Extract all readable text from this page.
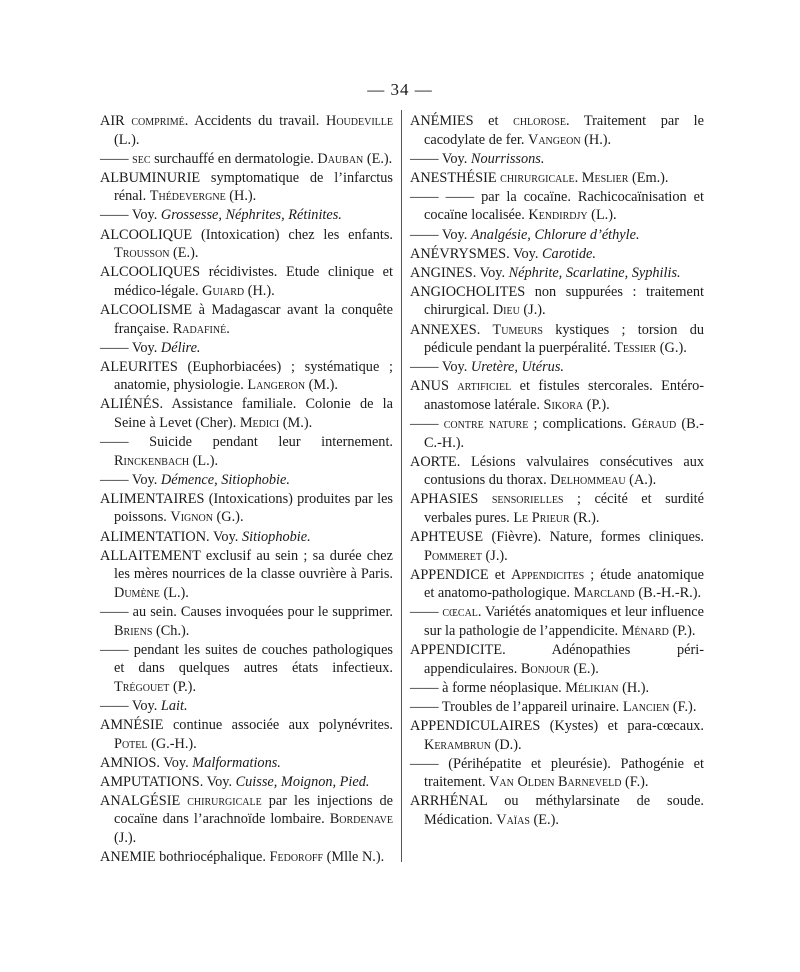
— 34 —

AIR comprimé. Accidents du travail. Houdeville (L.).

—— sec surchauffé en dermatologie. Dauban (E.).

ALBUMINURIE symptomatique de l’infarctus rénal. Thédevergne (H.).

—— Voy. Grossesse, Néphrites, Rétinites.

ALCOOLIQUE (Intoxication) chez les enfants. Trousson (E.).

ALCOOLIQUES récidivistes. Etude clinique et médico-légale. Guiard (H.).

ALCOOLISME à Madagascar avant la conquête française. Radafiné.

—— Voy. Délire.

ALEURITES (Euphorbiacées) ; systématique ; anatomie, physiologie. Langeron (M.).

ALIÉNÉS. Assistance familiale. Colonie de la Seine à Levet (Cher). Medici (M.).

—— Suicide pendant leur internement. Rinckenbach (L.).

—— Voy. Démence, Sitiophobie.

ALIMENTAIRES (Intoxications) produites par les poissons. Vignon (G.).

ALIMENTATION. Voy. Sitiophobie.

ALLAITEMENT exclusif au sein ; sa durée chez les mères nourrices de la classe ouvrière à Paris. Dumène (L.).

—— au sein. Causes invoquées pour le supprimer. Briens (Ch.).

—— pendant les suites de couches pathologiques et dans quelques autres états infectieux. Trégouet (P.).

—— Voy. Lait.

AMNÉSIE continue associée aux polynévrites. Potel (G.-H.).

AMNIOS. Voy. Malformations.

AMPUTATIONS. Voy. Cuisse, Moignon, Pied.

ANALGÉSIE chirurgicale par les injections de cocaïne dans l’arachnoïde lombaire. Bordenave (J.).

ANEMIE bothriocéphalique. Fedoroff (Mlle N.).

ANÉMIES et chlorose. Traitement par le cacodylate de fer. Vangeon (H.).

—— Voy. Nourrissons.

ANESTHÉSIE chirurgicale. Meslier (Em.).

—— —— par la cocaïne. Rachicocaïnisation et cocaïne localisée. Kendirdjy (L.).

—— Voy. Analgésie, Chlorure d’éthyle.

ANÉVRYSMES. Voy. Carotide.

ANGINES. Voy. Néphrite, Scarlatine, Syphilis.

ANGIOCHOLITES non suppurées : traitement chirurgical. Dieu (J.).

ANNEXES. Tumeurs kystiques ; torsion du pédicule pendant la puerpéralité. Tessier (G.).

—— Voy. Uretère, Utérus.

ANUS artificiel et fistules stercorales. Entéro-anastomose latérale. Sikora (P.).

—— contre nature ; complications. Géraud (B.-C.-H.).

AORTE. Lésions valvulaires consécutives aux contusions du thorax. Delhommeau (A.).

APHASIES sensorielles ; cécité et surdité verbales pures. Le Prieur (R.).

APHTEUSE (Fièvre). Nature, formes cliniques. Pommeret (J.).

APPENDICE et Appendicites ; étude anatomique et anatomo-pathologique. Marcland (B.-H.-R.).

—— cœcal. Variétés anatomiques et leur influence sur la pathologie de l’appendicite. Ménard (P.).

APPENDICITE. Adénopathies péri-appendiculaires. Bonjour (E.).

—— à forme néoplasique. Mélikian (H.).

—— Troubles de l’appareil urinaire. Lancien (F.).

APPENDICULAIRES (Kystes) et para-cœcaux. Kerambrun (D.).

—— (Périhépatite et pleurésie). Pathogénie et traitement. Van Olden Barneveld (F.).

ARRHÉNAL ou méthylarsinate de soude. Médication. Vaïas (E.).
